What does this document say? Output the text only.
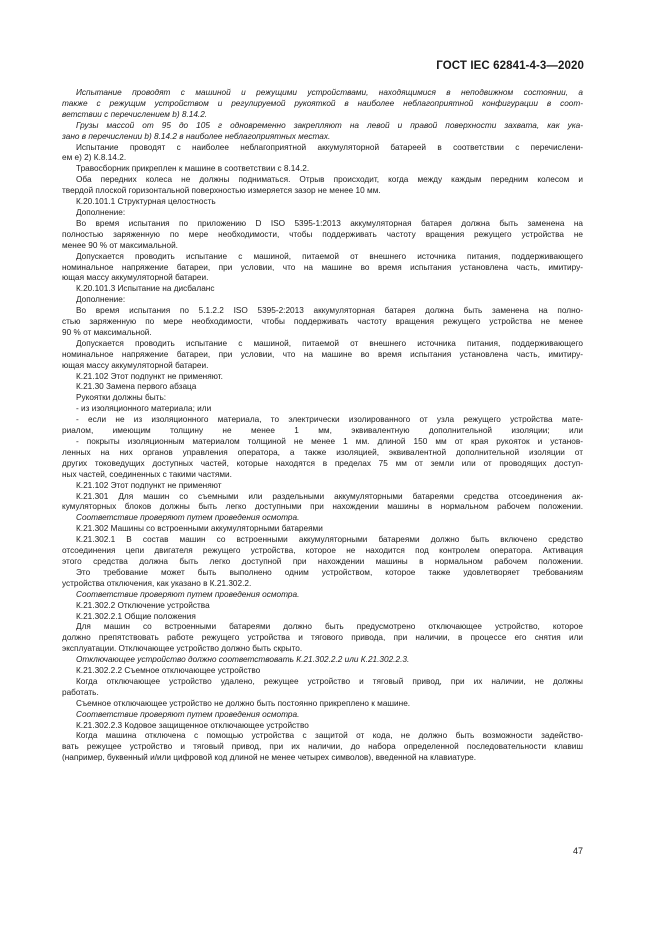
ГОСТ IEC 62841-4-3—2020

Испытание проводят с машиной и режущими устройствами, находящимися в неподвижном состоянии, а

также с режущим устройством и регулируемой рукояткой в наиболее неблагоприятной конфигурации в соот-

ветствии с перечислением b) 8.14.2.

Грузы массой от 95 до 105 г одновременно закрепляют на левой и правой поверхности захвата, как ука-

зано в перечислении b) 8.14.2 в наиболее неблагоприятных местах.

Испытание проводят с наиболее неблагоприятной аккумуляторной батареей в соответствии с перечислени-

ем е) 2) К.8.14.2.

Травосборник прикреплен к машине в соответствии с 8.14.2.

Оба передних колеса не должны подниматься. Отрыв происходит, когда между каждым передним колесом и

твердой плоской горизонтальной поверхностью измеряется зазор не менее 10 мм.

К.20.101.1 Структурная целостность

Дополнение:

Во время испытания по приложению D ISO 5395-1:2013 аккумуляторная батарея должна быть заменена на

полностью заряженную по мере необходимости, чтобы поддерживать частоту вращения режущего устройства не

менее 90 % от максимальной.

Допускается проводить испытание с машиной, питаемой от внешнего источника питания, поддерживающего

номинальное напряжение батареи, при условии, что на машине во время испытания установлена часть, имитиру-

ющая массу аккумуляторной батареи.

К.20.101.3 Испытание на дисбаланс

Дополнение:

Во время испытания по 5.1.2.2 ISO 5395-2:2013 аккумуляторная батарея должна быть заменена на полно-

стью заряженную по мере необходимости, чтобы поддерживать частоту вращения режущего устройства не менее

90 % от максимальной.

Допускается проводить испытание с машиной, питаемой от внешнего источника питания, поддерживающего

номинальное напряжение батареи, при условии, что на машине во время испытания установлена часть, имитиру-

ющая массу аккумуляторной батареи.

К.21.102 Этот подпункт не применяют.

К.21.30 Замена первого абзаца

Рукоятки должны быть:

- из изоляционного материала; или

- если не из изоляционного материала, то электрически изолированного от узла режущего устройства мате-

риалом, имеющим толщину не менее 1 мм, эквивалентную дополнительной изоляции; или

- покрыты изоляционным материалом толщиной не менее 1 мм. длиной 150 мм от края рукояток и установ-

ленных на них органов управления оператора, а также изоляцией, эквивалентной дополнительной изоляции от

других токоведущих доступных частей, которые находятся в пределах 75 мм от земли или от проводящих доступ-

ных частей, соединенных с такими частями.

К.21.102 Этот подпункт не применяют

К.21.301 Для машин со съемными или раздельными аккумуляторными батареями средства отсоединения ак-

кумуляторных блоков должны быть легко доступными при нахождении машины в нормальном рабочем положении.

Соответствие проверяют путем проведения осмотра.

К.21.302 Машины со встроенными аккумуляторными батареями

К.21.302.1 В состав машин со встроенными аккумуляторными батареями должно быть включено средство

отсоединения цепи двигателя режущего устройства, которое не находится под контролем оператора. Активация

этого средства должна быть легко доступной при нахождении машины в нормальном рабочем положении.

Это требование может быть выполнено одним устройством, которое также удовлетворяет требованиям

устройства отключения, как указано в К.21.302.2.

Соответствие проверяют путем проведения осмотра.

К.21.302.2 Отключение устройства

К.21.302.2.1 Общие положения

Для машин со встроенными батареями должно быть предусмотрено отключающее устройство, которое

должно препятствовать работе режущего устройства и тягового привода, при наличии, в процессе его снятия или

эксплуатации. Отключающее устройство должно быть скрыто.

Отключающее устройство должно соответствовать К.21.302.2.2 или К.21.302.2.3.

К.21.302.2.2 Съемное отключающее устройство

Когда отключающее устройство удалено, режущее устройство и тяговый привод, при их наличии, не должны

работать.

Съемное отключающее устройство не должно быть постоянно прикреплено к машине.

Соответствие проверяют путем проведения осмотра.

К.21.302.2.3 Кодовое защищенное отключающее устройство

Когда машина отключена с помощью устройства с защитой от кода, не должно быть возможности задейство-

вать режущее устройство и тяговый привод, при их наличии, до набора определенной последовательности клавиш

(например, буквенный и/или цифровой код длиной не менее четырех символов), введенной на клавиатуре.

47
